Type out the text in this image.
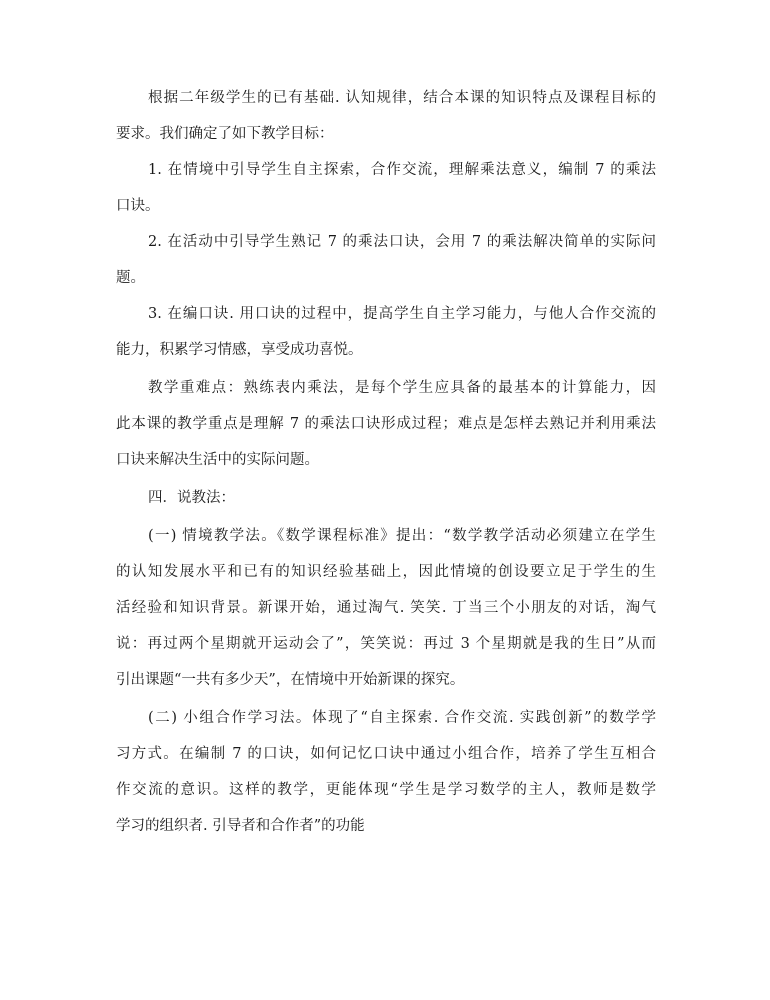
根据二年级学生的已有基础. 认知规律，结合本课的知识特点及课程目标的
要求。我们确定了如下教学目标：
1. 在情境中引导学生自主探索，合作交流，理解乘法意义，编制 7 的乘法
口诀。
2. 在活动中引导学生熟记 7 的乘法口诀，会用 7 的乘法解决简单的实际问
题。
3. 在编口诀. 用口诀的过程中，提高学生自主学习能力，与他人合作交流的
能力，积累学习情感，享受成功喜悦。
教学重难点：熟练表内乘法，是每个学生应具备的最基本的计算能力，因
此本课的教学重点是理解 7 的乘法口诀形成过程；难点是怎样去熟记并利用乘法
口诀来解决生活中的实际问题。
四．说教法：
(一) 情境教学法。《数学课程标准》提出：“数学教学活动必须建立在学生
的认知发展水平和已有的知识经验基础上，因此情境的创设要立足于学生的生
活经验和知识背景。新课开始，通过淘气. 笑笑. 丁当三个小朋友的对话，淘气
说：再过两个星期就开运动会了”，笑笑说：再过 3 个星期就是我的生日”从而
引出课题“一共有多少天”，在情境中开始新课的探究。
(二) 小组合作学习法。体现了“自主探索. 合作交流. 实践创新”的数学学
习方式。在编制 7 的口诀，如何记忆口诀中通过小组合作，培养了学生互相合
作交流的意识。这样的教学，更能体现“学生是学习数学的主人，教师是数学
学习的组织者. 引导者和合作者”的功能
